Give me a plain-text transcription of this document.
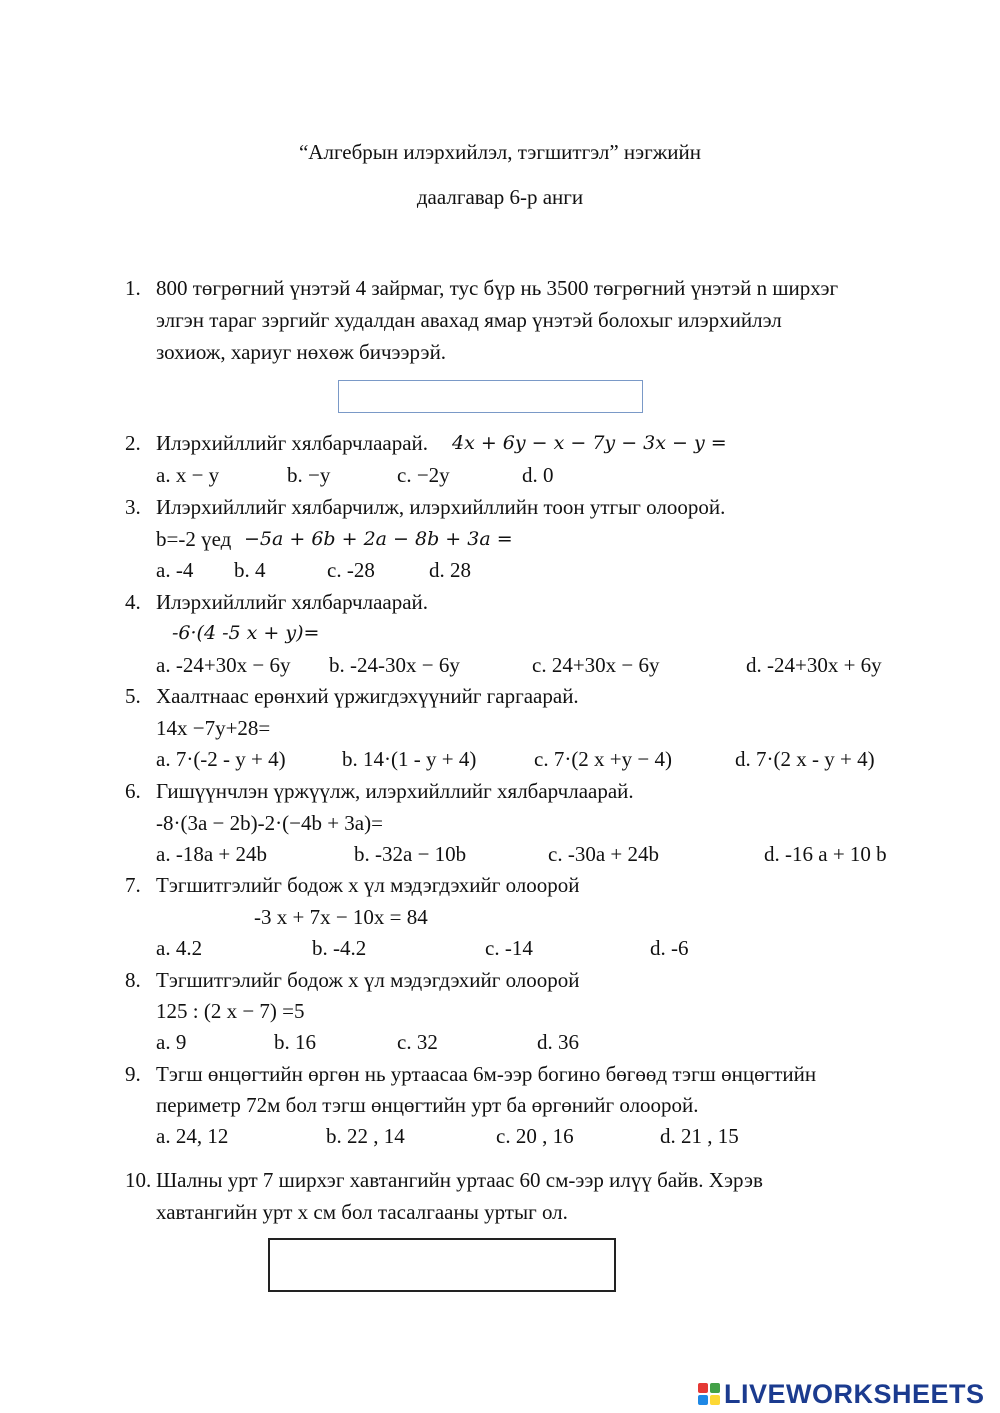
“Алгебрын илэрхийлэл, тэгшитгэл” нэгжийн
даалгавар 6-р анги
1. 800 төгрөгний үнэтэй 4 зайрмаг, тус бүр нь 3500 төгрөгний үнэтэй n ширхэг
элгэн тараг зэргийг худалдан авахад ямар үнэтэй болохыг илэрхийлэл
зохиож, хариуг нөхөж бичээрэй.
2. Илэрхийллийг хялбарчлаарай. 4x + 6y − x − 7y − 3x − y =
a. x − y	b. −y	c. −2y	d. 0
3. Илэрхийллийг хялбарчилж, илэрхийллийн тоон утгыг олоорой.
b=-2 үед −5a + 6b + 2a − 8b + 3a =
a. -4 b. 4	c. -28	d. 28
4. Илэрхийллийг хялбарчлаарай.
-6·(4 -5 x + y)=
a. -24+30x − 6y b. -24-30x − 6y	c. 24+30x − 6y	d. -24+30x + 6y
5. Хаалтнаас ерөнхий үржигдэхүүнийг гаргаарай.
14x −7y+28=
a. 7·(-2 - y + 4)	b. 14·(1 - y + 4)	c. 7·(2 x +y − 4)	d. 7·(2 x - y + 4)
6. Гишүүнчлэн үржүүлж, илэрхийллийг хялбарчлаарай.
-8·(3a − 2b)-2·(−4b + 3a)=
a. -18a + 24b	b. -32a − 10b	c. -30a + 24b	d. -16 a + 10 b
7. Тэгшитгэлийг бодож x үл мэдэгдэхийг олоорой
-3 x + 7x − 10x = 84
a. 4.2	b. -4.2	c. -14	d. -6
8. Тэгшитгэлийг бодож x үл мэдэгдэхийг олоорой
125 : (2 x − 7) =5
a. 9	b. 16	c. 32	d. 36
9. Тэгш өнцөгтийн өргөн нь уртаасаа 6м-ээр богино бөгөөд тэгш өнцөгтийн
периметр 72м бол тэгш өнцөгтийн урт ба өргөнийг олоорой.
a. 24, 12	b. 22 , 14	c. 20 , 16	d. 21 , 15
10. Шалны урт 7 ширхэг хавтангийн уртаас 60 см-ээр илүү байв. Хэрэв
хавтангийн урт x см бол тасалгааны уртыг ол.
LIVEWORKSHEETS
